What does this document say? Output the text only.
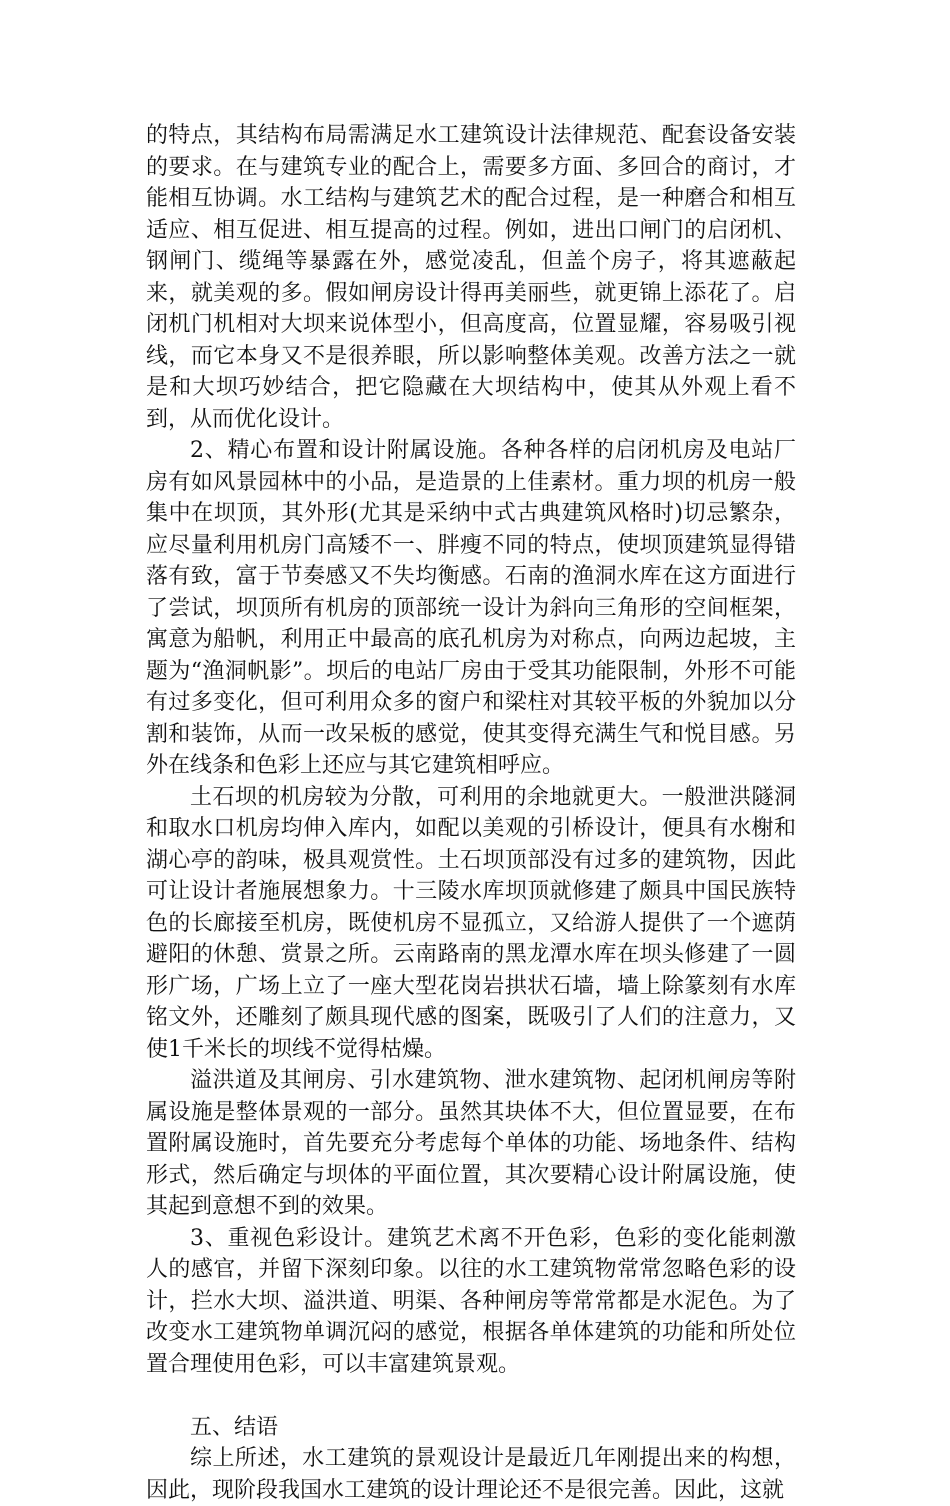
的特点，其结构布局需满足水工建筑设计法律规范、配套设备安装的要求。在与建筑专业的配合上，需要多方面、多回合的商讨，才能相互协调。水工结构与建筑艺术的配合过程，是一种磨合和相互适应、相互促进、相互提高的过程。例如，进出口闸门的启闭机、钢闸门、缆绳等暴露在外，感觉凌乱，但盖个房子，将其遮蔽起来，就美观的多。假如闸房设计得再美丽些，就更锦上添花了。启闭机门机相对大坝来说体型小，但高度高，位置显耀，容易吸引视线，而它本身又不是很养眼，所以影响整体美观。改善方法之一就是和大坝巧妙结合，把它隐藏在大坝结构中，使其从外观上看不到，从而优化设计。

2、精心布置和设计附属设施。各种各样的启闭机房及电站厂房有如风景园林中的小品，是造景的上佳素材。重力坝的机房一般集中在坝顶，其外形(尤其是采纳中式古典建筑风格时)切忌繁杂，应尽量利用机房门高矮不一、胖瘦不同的特点，使坝顶建筑显得错落有致，富于节奏感又不失均衡感。石南的渔洞水库在这方面进行了尝试，坝顶所有机房的顶部统一设计为斜向三角形的空间框架，寓意为船帆，利用正中最高的底孔机房为对称点，向两边起坡，主题为“渔洞帆影”。坝后的电站厂房由于受其功能限制，外形不可能有过多变化，但可利用众多的窗户和梁柱对其较平板的外貌加以分割和装饰，从而一改呆板的感觉，使其变得充满生气和悦目感。另外在线条和色彩上还应与其它建筑相呼应。

土石坝的机房较为分散，可利用的余地就更大。一般泄洪隧洞和取水口机房均伸入库内，如配以美观的引桥设计，便具有水榭和湖心亭的韵味，极具观赏性。土石坝顶部没有过多的建筑物，因此可让设计者施展想象力。十三陵水库坝顶就修建了颇具中国民族特色的长廊接至机房，既使机房不显孤立，又给游人提供了一个遮荫避阳的休憩、赏景之所。云南路南的黑龙潭水库在坝头修建了一圆形广场，广场上立了一座大型花岗岩拱状石墙，墙上除篆刻有水库铭文外，还雕刻了颇具现代感的图案，既吸引了人们的注意力，又使1千米长的坝线不觉得枯燥。

溢洪道及其闸房、引水建筑物、泄水建筑物、起闭机闸房等附属设施是整体景观的一部分。虽然其块体不大，但位置显要，在布置附属设施时，首先要充分考虑每个单体的功能、场地条件、结构形式，然后确定与坝体的平面位置，其次要精心设计附属设施，使其起到意想不到的效果。

3、重视色彩设计。建筑艺术离不开色彩，色彩的变化能刺激人的感官，并留下深刻印象。以往的水工建筑物常常忽略色彩的设计，拦水大坝、溢洪道、明渠、各种闸房等常常都是水泥色。为了改变水工建筑物单调沉闷的感觉，根据各单体建筑的功能和所处位置合理使用色彩，可以丰富建筑景观。

五、结语

综上所述，水工建筑的景观设计是最近几年刚提出来的构想，因此，现阶段我国水工建筑的设计理论还不是很完善。因此，这就
